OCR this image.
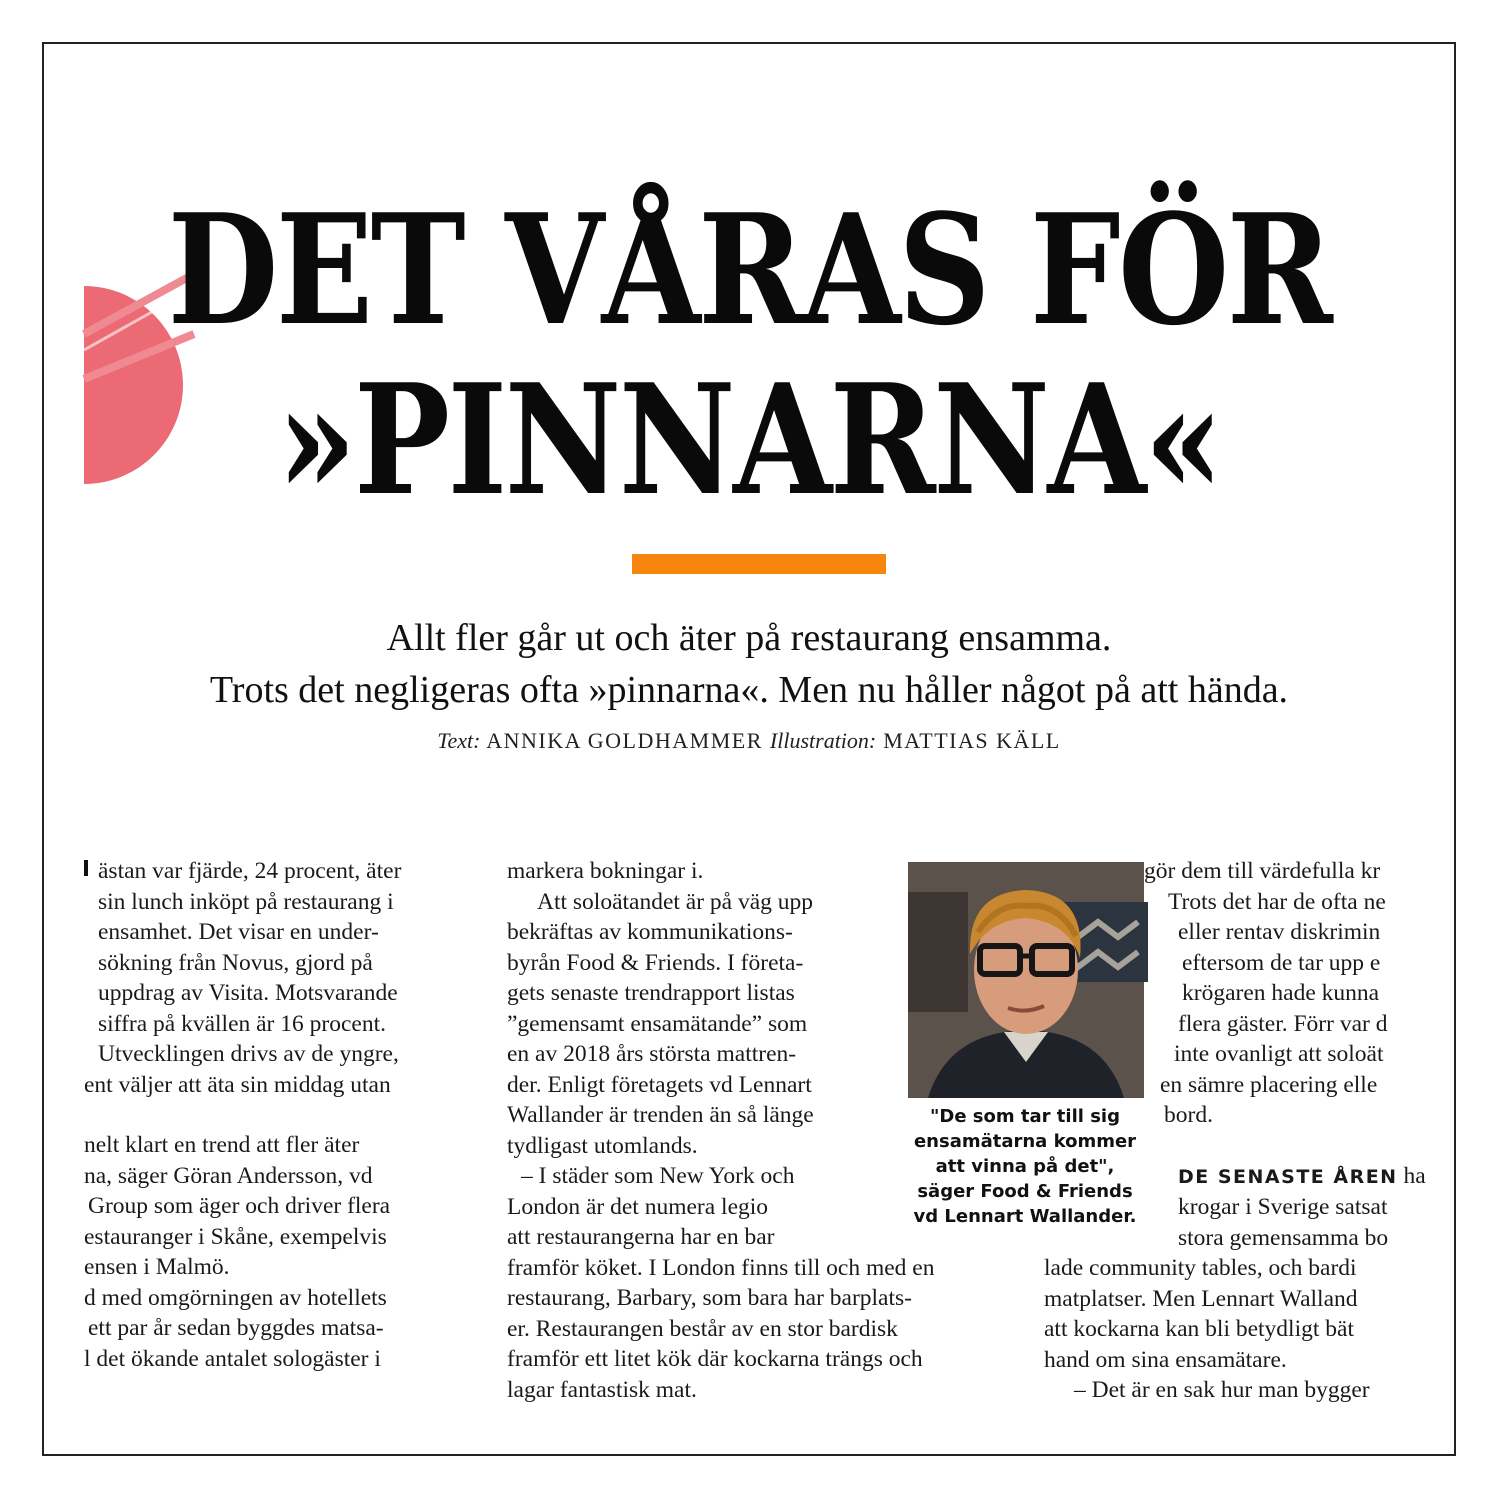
DET VÅRAS FÖR
»PINNARNA«

Allt fler går ut och äter på restaurang ensamma.

Trots det negligeras ofta »pinnarna«. Men nu håller något på att hända.

Text: ANNIKA GOLDHAMMER Illustration: MATTIAS KÄLL
ästan var fjärde, 24 procent, äter
sin lunch inköpt på restaurang i
ensamhet. Det visar en under-
sökning från Novus, gjord på
uppdrag av Visita. Motsvarande
siffra på kvällen är 16 procent.
Utvecklingen drivs av de yngre,
ent väljer att äta sin middag utan
nelt klart en trend att fler äter
na, säger Göran Andersson, vd
Group som äger och driver flera
estauranger i Skåne, exempelvis
ensen i Malmö.
d med omgörningen av hotellets
ett par år sedan byggdes matsa-
l det ökande antalet sologäster i
markera bokningar i.
Att soloätandet är på väg upp
bekräftas av kommunikations-
byrån Food & Friends. I företa-
gets senaste trendrapport listas
”gemensamt ensamätande” som
en av 2018 års största mattren-
der. Enligt företagets vd Lennart
Wallander är trenden än så länge
tydligast utomlands.
– I städer som New York och
London är det numera legio
att restaurangerna har en bar
framför köket. I London finns till och med en
restaurang, Barbary, som bara har barplats-
er. Restaurangen består av en stor bardisk
framför ett litet kök där kockarna trängs och
lagar fantastisk mat.
"De som tar till sig
ensamätarna kommer
att vinna på det",
säger Food & Friends
vd Lennart Wallander.
gör dem till värdefulla kr
Trots det har de ofta ne
eller rentav diskrimin
eftersom de tar upp e
krögaren hade kunna
flera gäster. Förr var d
inte ovanligt att soloät
en sämre placering elle
bord.
DE SENASTE ÅREN ha
krogar i Sverige satsat
stora gemensamma bo
lade community tables, och bardi
matplatser. Men Lennart Walland
att kockarna kan bli betydligt bät
hand om sina ensamätare.
– Det är en sak hur man bygger
